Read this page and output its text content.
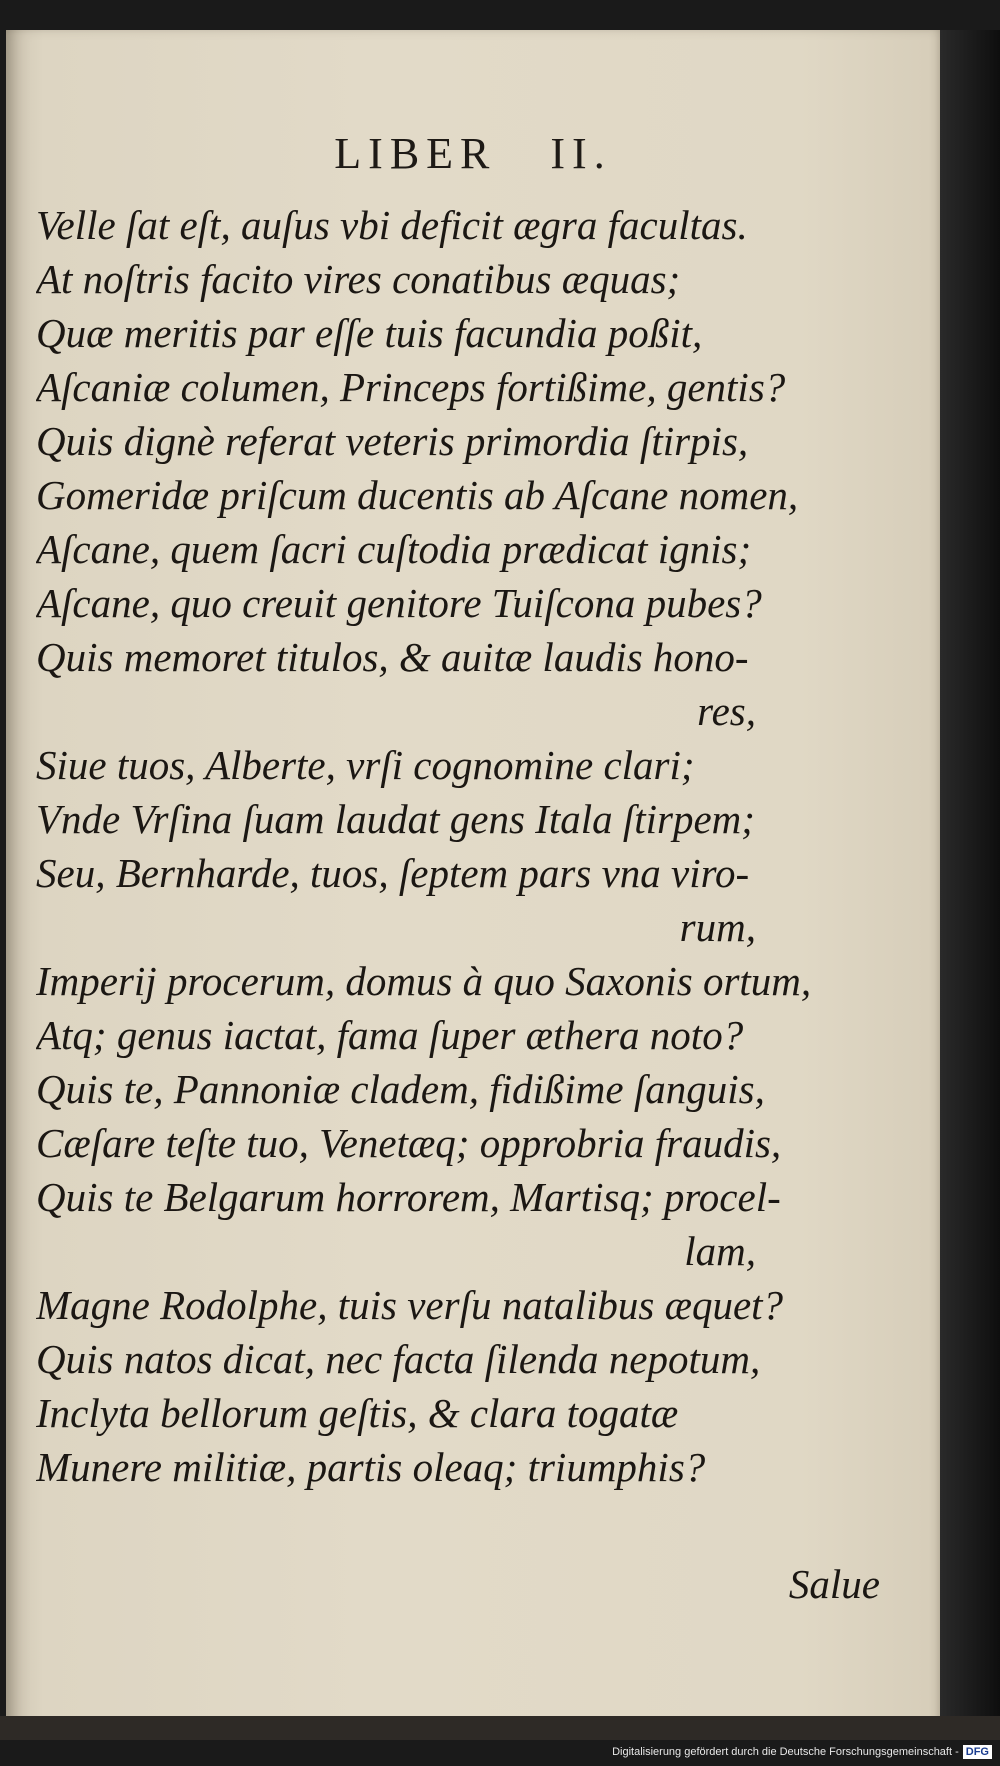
LIBER   II.
Velle ſat eſt, auſus vbi deficit ægra facultas.
At noſtris facito vires conatibus æquas;
Quæ meritis par eſſe tuis facundia poßit,
Aſcaniæ columen, Princeps fortißime, gentis?
Quis dignè referat veteris primordia ſtirpis,
Gomeridæ priſcum ducentis ab Aſcane nomen,
Aſcane, quem ſacri cuſtodia prædicat ignis;
Aſcane, quo creuit genitore Tuiſcona pubes?
Quis memoret titulos, & auitæ laudis hono-
res,
Siue tuos, Alberte, vrſi cognomine clari;
Vnde Vrſina ſuam laudat gens Itala ſtirpem;
Seu, Bernharde, tuos, ſeptem pars vna viro-
rum,
Imperij procerum, domus à quo Saxonis ortum,
Atq; genus iactat, fama ſuper æthera noto?
Quis te, Pannoniæ cladem, fidißime ſanguis,
Cæſare teſte tuo, Venetæq; opprobria fraudis,
Quis te Belgarum horrorem, Martisq; procel-
lam,
Magne Rodolphe, tuis verſu natalibus æquet?
Quis natos dicat, nec facta ſilenda nepotum,
Inclyta bellorum geſtis, & clara togatæ
Munere militiæ, partis oleaq; triumphis?
Salue
Digitalisierung gefördert durch die Deutsche Forschungsgemeinschaft - DFG
